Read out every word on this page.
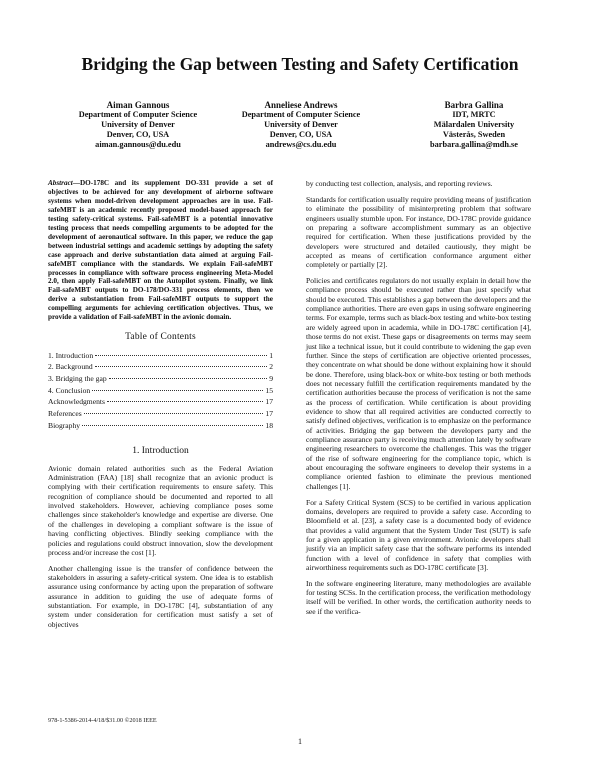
Bridging the Gap between Testing and Safety Certification
Aiman Gannous
Department of Computer Science
University of Denver
Denver, CO, USA
aiman.gannous@du.edu
Anneliese Andrews
Department of Computer Science
University of Denver
Denver, CO, USA
andrews@cs.du.edu
Barbra Gallina
IDT, MRTC
Mälardalen University
Västerås, Sweden
barbara.gallina@mdh.se

Abstract—DO-178C and its supplement DO-331 provide a set of objectives to be achieved for any development of airborne software systems when model-driven development approaches are in use. Fail-safeMBT is an academic recently proposed model-based approach for testing safety-critical systems. Fail-safeMBT is a potential innovative testing process that needs compelling arguments to be adopted for the development of aeronautical software. In this paper, we reduce the gap between industrial settings and academic settings by adopting the safety case approach and derive substantiation data aimed at arguing Fail-safeMBT compliance with the standards. We explain Fail-safeMBT processes in compliance with software process engineering Meta-Model 2.0, then apply Fail-safeMBT on the Autopilot system. Finally, we link Fail-safeMBT outputs to DO-178/DO-331 process elements, then we derive a substantiation from Fail-safeMBT outputs to support the compelling arguments for achieving certification objectives. Thus, we provide a validation of Fail-safeMBT in the avionic domain.

Table of Contents
1. Introduction	1
2. Background	2
3. Bridging the gap	9
4. Conclusion	15
Acknowledgments	17
References	17
Biography	18
1. Introduction

Avionic domain related authorities such as the Federal Aviation Administration (FAA) [18] shall recognize that an avionic product is complying with their certification requirements to ensure safety. This recognition of compliance should be documented and reported to all involved stakeholders. However, achieving compliance poses some challenges since stakeholder's knowledge and expertise are diverse. One of the challenges in developing a compliant software is the issue of having conflicting objectives. Blindly seeking compliance with the policies and regulations could obstruct innovation, slow the development process and/or increase the cost [1].

Another challenging issue is the transfer of confidence between the stakeholders in assuring a safety-critical system. One idea is to establish assurance using conformance by acting upon the preparation of software assurance in addition to guiding the use of adequate forms of substantiation. For example, in DO-178C [4], substantiation of any system under consideration for certification must satisfy a set of objectives

by conducting test collection, analysis, and reporting reviews.

Standards for certification usually require providing means of justification to eliminate the possibility of misinterpreting problem that software engineers usually stumble upon. For instance, DO-178C provide guidance on preparing a software accomplishment summary as an objective required for certification. When these justifications provided by the developers were structured and detailed cautiously, they might be accepted as means of certification conformance argument either completely or partially [2].

Policies and certificates regulators do not usually explain in detail how the compliance process should be executed rather than just specify what should be executed. This establishes a gap between the developers and the compliance authorities. There are even gaps in using software engineering terms. For example, terms such as black-box testing and white-box testing are widely agreed upon in academia, while in DO-178C certification [4], those terms do not exist. These gaps or disagreements on terms may seem just like a technical issue, but it could contribute to widening the gap even further. Since the steps of certification are objective oriented processes, they concentrate on what should be done without explaining how it should be done. Therefore, using black-box or white-box testing or both methods does not necessary fulfill the certification requirements mandated by the certification authorities because the process of verification is not the same as the process of certification. While certification is about providing evidence to show that all required activities are conducted correctly to satisfy defined objectives, verification is to emphasize on the performance of activities. Bridging the gap between the developers party and the compliance assurance party is receiving much attention lately by software engineering researchers to overcome the challenges. This was the trigger of the rise of software engineering for the compliance topic, which is about encouraging the software engineers to develop their systems in a compliance oriented fashion to eliminate the previous mentioned challenges [1].

For a Safety Critical System (SCS) to be certified in various application domains, developers are required to provide a safety case. According to Bloomfield et al. [23], a safety case is a documented body of evidence that provides a valid argument that the System Under Test (SUT) is safe for a given application in a given environment. Avionic developers shall justify via an implicit safety case that the software performs its intended function with a level of confidence in safety that complies with airworthiness requirements such as DO-178C certificate [3].

In the software engineering literature, many methodologies are available for testing SCSs. In the certification process, the verification methodology itself will be verified. In other words, the certification authority needs to see if the verifica-

978-1-5386-2014-4/18/$31.00 ©2018 IEEE
1
